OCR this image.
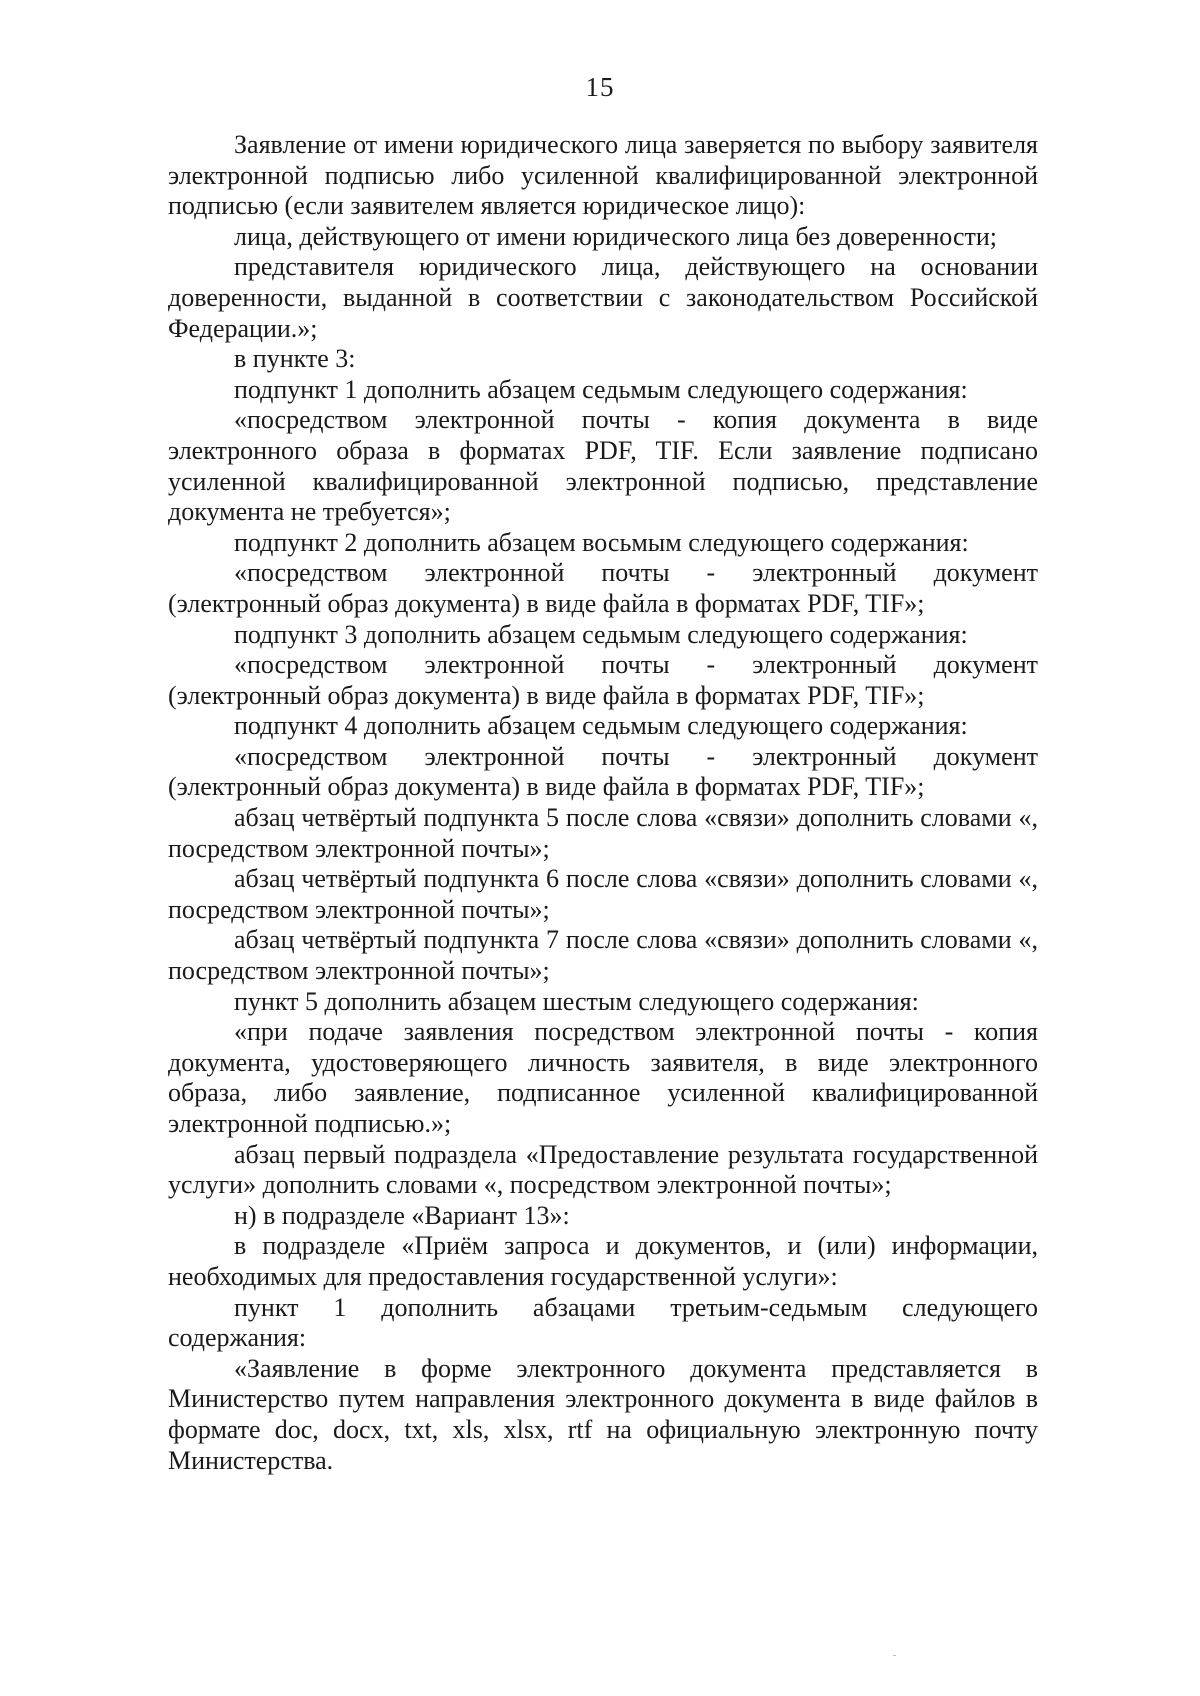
15

Заявление от имени юридического лица заверяется по выбору заявителя электронной подписью либо усиленной квалифицированной электронной подписью (если заявителем является юридическое лицо):

лица, действующего от имени юридического лица без доверенности;

представителя юридического лица, действующего на основании доверенности, выданной в соответствии с законодательством Российской Федерации.»;

в пункте 3:

подпункт 1 дополнить абзацем седьмым следующего содержания:

«посредством электронной почты - копия документа в виде электронного образа в форматах PDF, TIF. Если заявление подписано усиленной квалифицированной электронной подписью, представление документа не требуется»;

подпункт 2 дополнить абзацем восьмым следующего содержания:

«посредством электронной почты - электронный документ (электронный образ документа) в виде файла в форматах PDF, TIF»;

подпункт 3 дополнить абзацем седьмым следующего содержания:

«посредством электронной почты - электронный документ (электронный образ документа) в виде файла в форматах PDF, TIF»;

подпункт 4 дополнить абзацем седьмым следующего содержания:

«посредством электронной почты - электронный документ (электронный образ документа) в виде файла в форматах PDF, TIF»;

абзац четвёртый подпункта 5 после слова «связи» дополнить словами «, посредством электронной почты»;

абзац четвёртый подпункта 6 после слова «связи» дополнить словами «, посредством электронной почты»;

абзац четвёртый подпункта 7 после слова «связи» дополнить словами «, посредством электронной почты»;

пункт 5 дополнить абзацем шестым следующего содержания:

«при подаче заявления посредством электронной почты - копия документа, удостоверяющего личность заявителя, в виде электронного образа, либо заявление, подписанное усиленной квалифицированной электронной подписью.»;

абзац первый подраздела «Предоставление результата государственной услуги» дополнить словами «, посредством электронной почты»;

н) в подразделе «Вариант 13»:

в подразделе «Приём запроса и документов, и (или) информации, необходимых для предоставления государственной услуги»:

пункт 1 дополнить абзацами третьим-седьмым следующего содержания:

«Заявление в форме электронного документа представляется в Министерство путем направления электронного документа в виде файлов в формате doc, docx, txt, xls, xlsx, rtf на официальную электронную почту Министерства.
